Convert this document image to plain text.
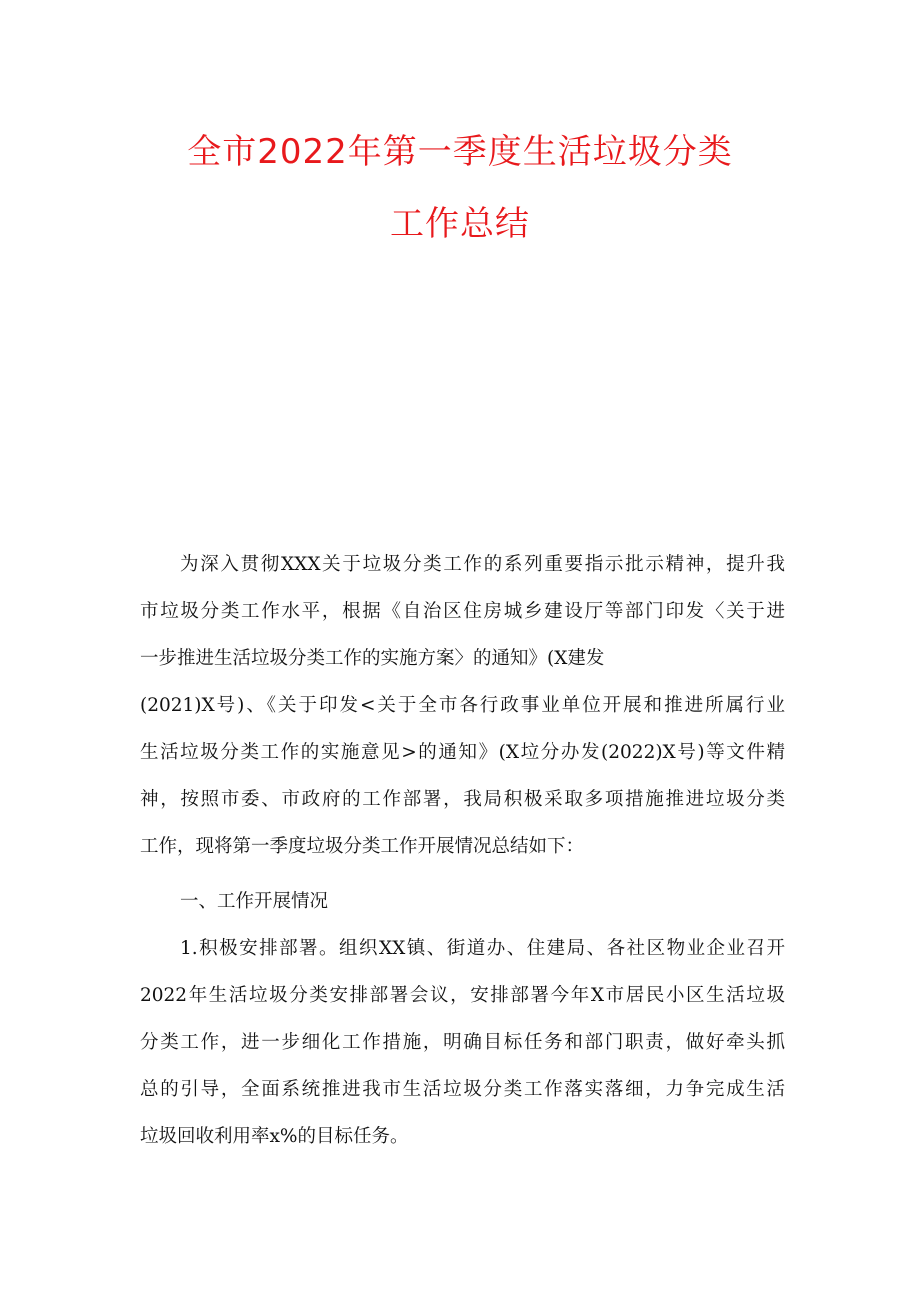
全市2022年第一季度生活垃圾分类
工作总结
为深入贯彻XXX关于垃圾分类工作的系列重要指示批示精神，提升我
市垃圾分类工作水平，根据《自治区住房城乡建设厅等部门印发〈关于进
一步推进生活垃圾分类工作的实施方案〉的通知》(X建发
(2021)X号)、《关于印发<关于全市各行政事业单位开展和推进所属行业
生活垃圾分类工作的实施意见>的通知》(X垃分办发(2022)X号)等文件精
神，按照市委、市政府的工作部署，我局积极采取多项措施推进垃圾分类
工作，现将第一季度垃圾分类工作开展情况总结如下：
一、工作开展情况
1.积极安排部署。组织XX镇、街道办、住建局、各社区物业企业召开
2022年生活垃圾分类安排部署会议，安排部署今年X市居民小区生活垃圾
分类工作，进一步细化工作措施，明确目标任务和部门职责，做好牵头抓
总的引导，全面系统推进我市生活垃圾分类工作落实落细，力争完成生活
垃圾回收利用率x%的目标任务。
